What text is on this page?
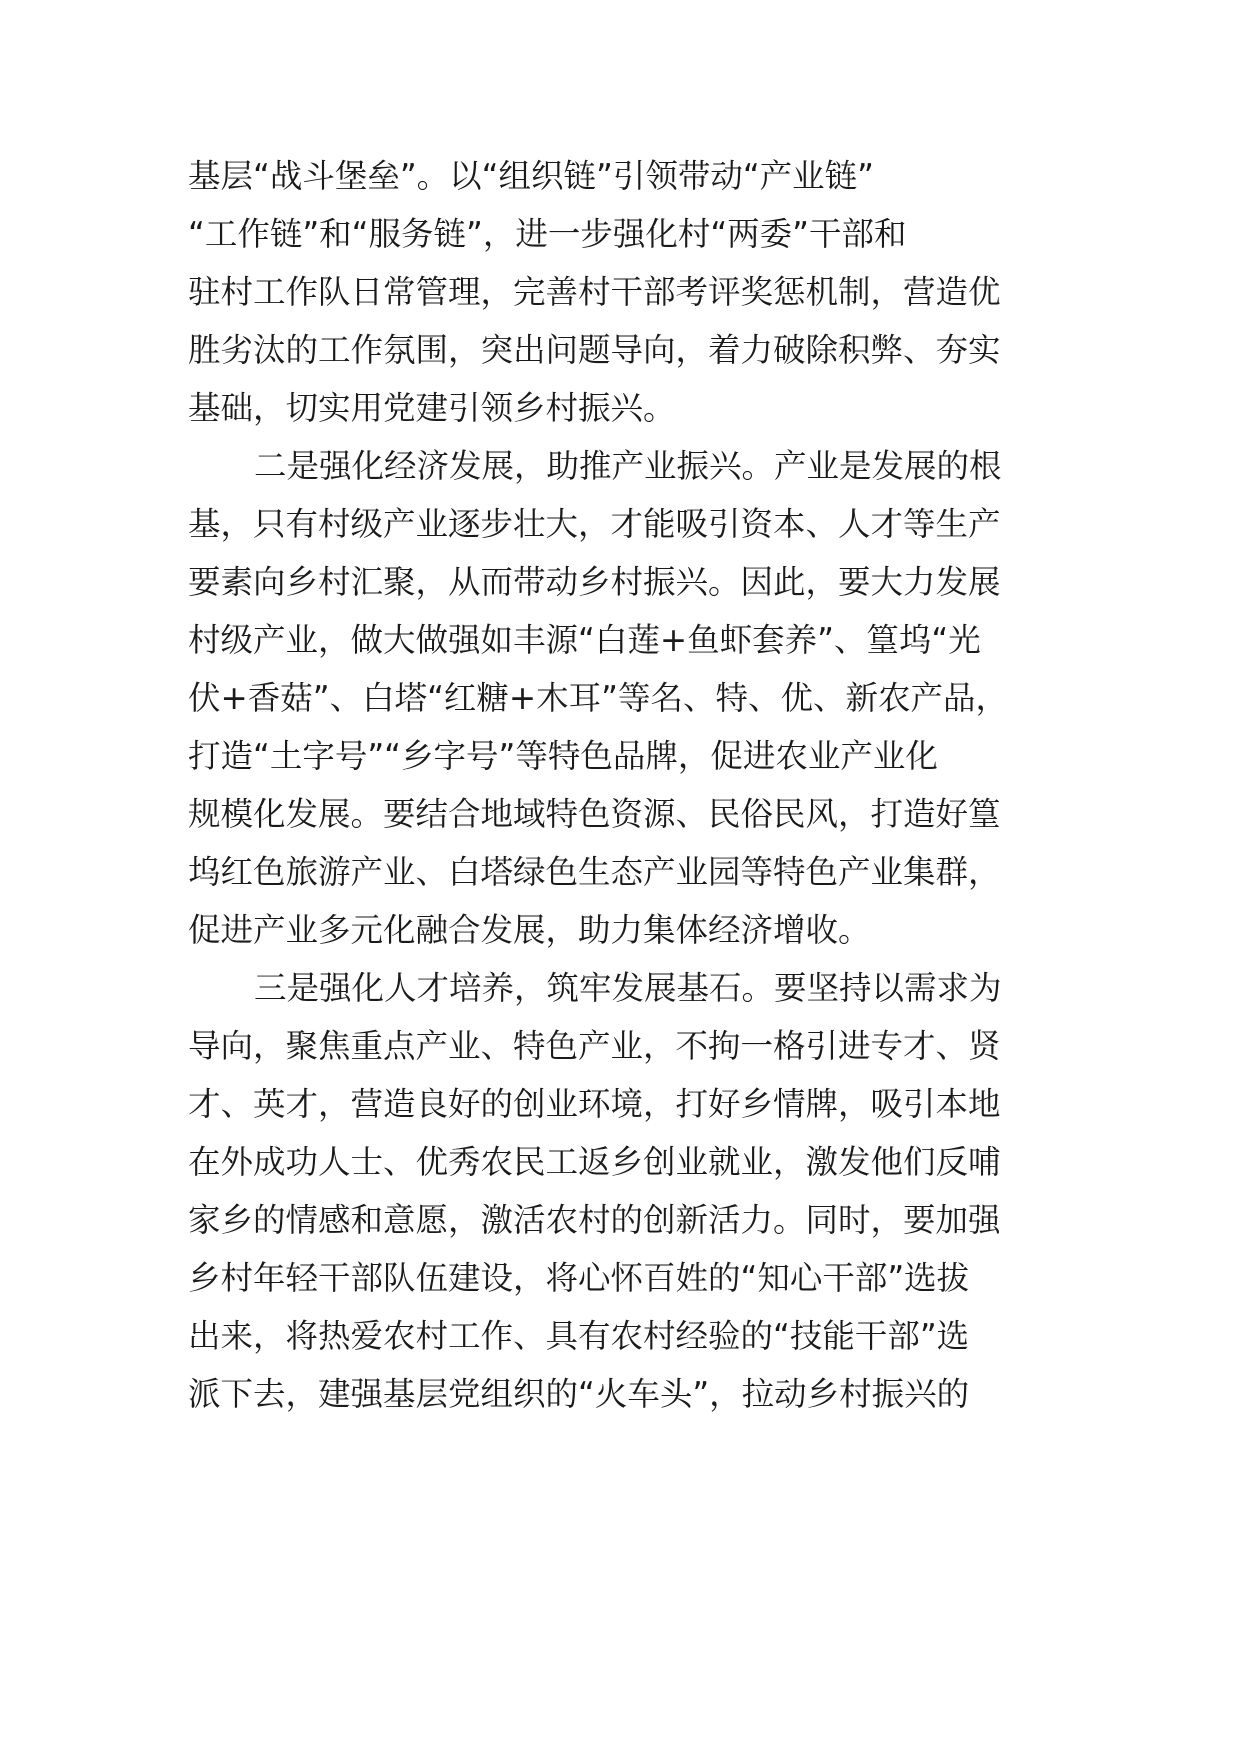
基层“战斗堡垒”。以“组织链”引领带动“产业链”

“工作链”和“服务链”，进一步强化村“两委”干部和

驻村工作队日常管理，完善村干部考评奖惩机制，营造优

胜劣汰的工作氛围，突出问题导向，着力破除积弊、夯实

基础，切实用党建引领乡村振兴。

二是强化经济发展，助推产业振兴。产业是发展的根

基，只有村级产业逐步壮大，才能吸引资本、人才等生产

要素向乡村汇聚，从而带动乡村振兴。因此，要大力发展

村级产业，做大做强如丰源“白莲+鱼虾套养”、篁坞“光

伏+香菇”、白塔“红糖+木耳”等名、特、优、新农产品，

打造“土字号”“乡字号”等特色品牌，促进农业产业化

规模化发展。要结合地域特色资源、民俗民风，打造好篁

坞红色旅游产业、白塔绿色生态产业园等特色产业集群，

促进产业多元化融合发展，助力集体经济增收。

三是强化人才培养，筑牢发展基石。要坚持以需求为

导向，聚焦重点产业、特色产业，不拘一格引进专才、贤

才、英才，营造良好的创业环境，打好乡情牌，吸引本地

在外成功人士、优秀农民工返乡创业就业，激发他们反哺

家乡的情感和意愿，激活农村的创新活力。同时，要加强

乡村年轻干部队伍建设，将心怀百姓的“知心干部”选拔

出来，将热爱农村工作、具有农村经验的“技能干部”选

派下去，建强基层党组织的“火车头”，拉动乡村振兴的
